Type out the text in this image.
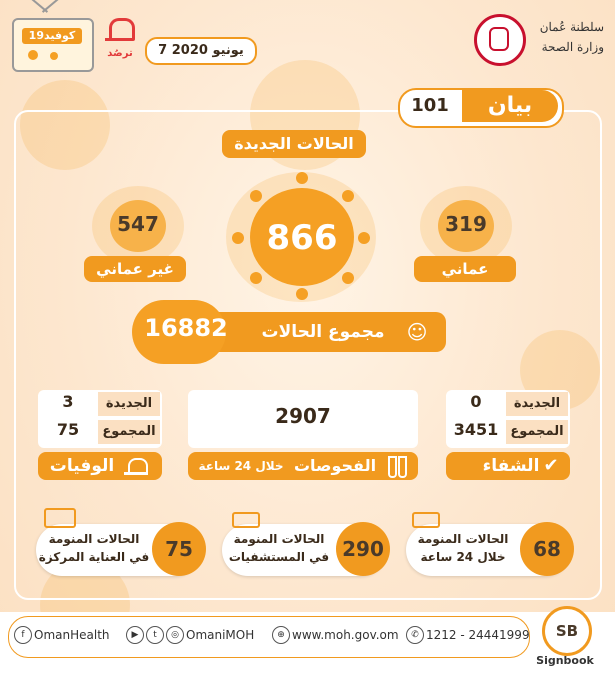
كوفيد19
ترصُد	7 يونيو 2020
سلطنة عُمان
وزارة الصحة
101	بيان
الحالات الجديدة
866	319
عماني
547
غير عماني
16882	مجموع الحالات	☺
0	الجديدة
3451 المجموع
الشفاء ✔
2907
خلال 24 ساعة الفحوصات
3	الجديدة
75	المجموع
الوفيات
68
الحالات المنومة
خلال 24 ساعة
290
الحالات المنومة
في المستشفيات
75
الحالات المنومة
في العناية المركزة
f OmanHealth	▶	t	◎ OmaniMOH	⊕ www.moh.gov.om	✆ 1212 - 24441999	SB
Signbook
